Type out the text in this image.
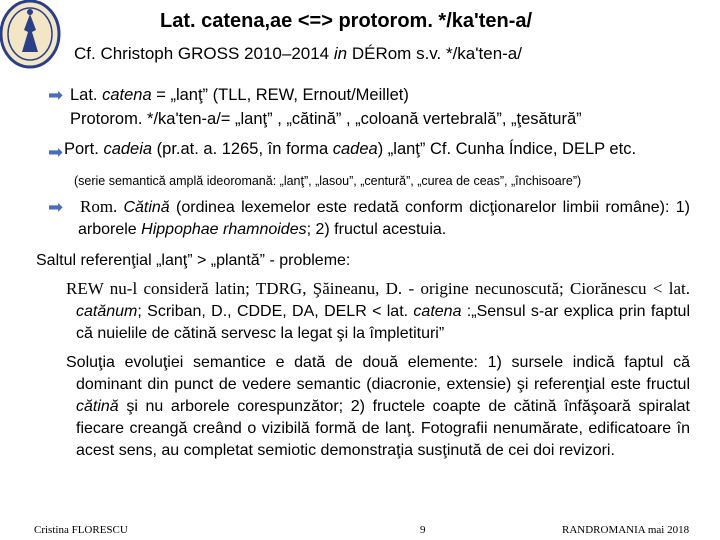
Lat. catena,ae <=> protorom. */ka'ten‑a/
Cf. Christoph GROSS 2010–2014 in DÉRom s.v. */ka'ten‑a/
➡ Lat. catena = „lanţ” (TLL, REW, Ernout/Meillet)
Protorom. */ka'ten‑a/= „lanţ” , „cătină” , „coloană vertebrală”, „ţesătură”
➡ Port. cadeia (pr.at. a. 1265, în forma cadea) „lanţ” Cf. Cunha Índice, DELP etc.
(serie semantică amplă ideoromană: „lanţ”, „lasou”, „centură”, „curea de ceas”, „închisoare”)
➡ Rom. Cătină (ordinea lexemelor este redată conform dicţionarelor limbii române): 1) arborele Hippophae rhamnoides; 2) fructul acestuia.
Saltul referenţial „lanţ” > „plantă” - probleme:
REW nu-l consideră latin; TDRG, Şăineanu, D. - origine necunoscută; Ciorănescu < lat. catănum; Scriban, D., CDDE, DA, DELR < lat. catena :„Sensul s-ar explica prin faptul că nuielile de cătină servesc la legat şi la împletituri”
Soluţia evoluţiei semantice e dată de două elemente: 1) sursele indică faptul că dominant din punct de vedere semantic (diacronie, extensie) şi referenţial este fructul cătină şi nu arborele corespunzător; 2) fructele coapte de cătină înfăşoară spiralat fiecare creangă creând o vizibilă formă de lanţ. Fotografii nenumărate, edificatoare în acest sens, au completat semiotic demonstraţia susţinută de cei doi revizori.
Cristina FLORESCU	9	RANDROMANIA mai 2018
